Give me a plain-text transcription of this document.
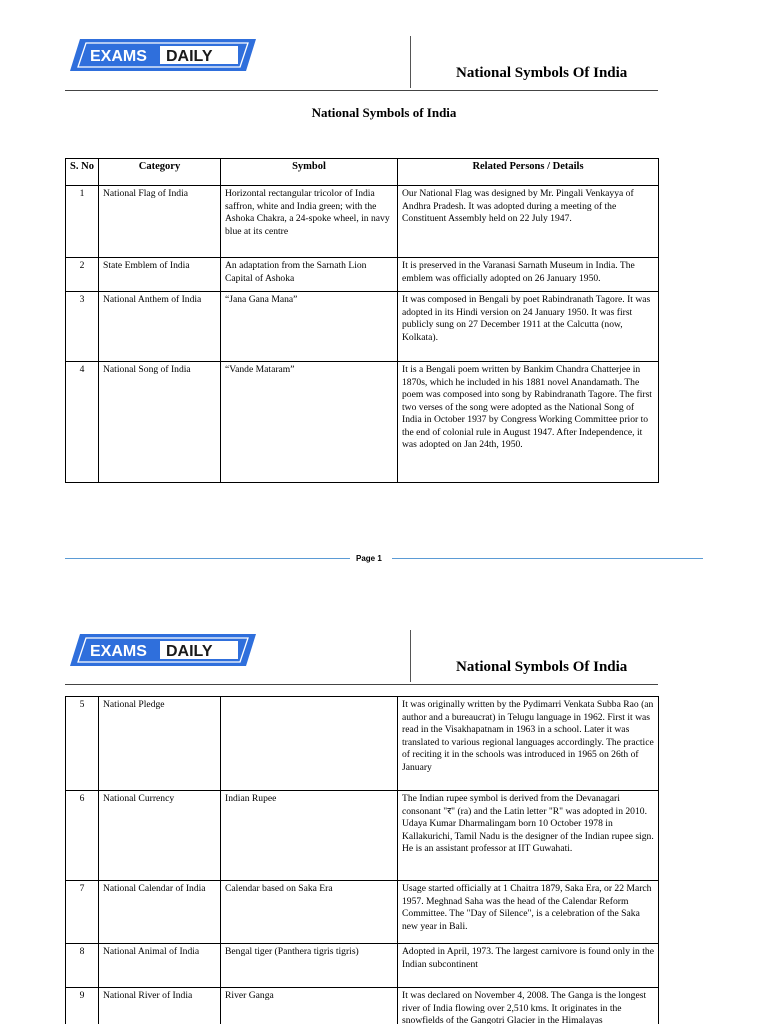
EXAMS DAILY
National Symbols Of India
National Symbols of India
S. No	Category	Symbol	Related Persons / Details
1	National Flag of India	Horizontal rectangular tricolor of India saffron, white and India green; with the Ashoka Chakra, a 24-spoke wheel, in navy blue at its centre	Our National Flag was designed by Mr. Pingali Venkayya of Andhra Pradesh. It was adopted during a meeting of the Constituent Assembly held on 22 July 1947.
2	State Emblem of India	An adaptation from the Sarnath Lion Capital of Ashoka	It is preserved in the Varanasi Sarnath Museum in India. The emblem was officially adopted on 26 January 1950.
3	National Anthem of India	“Jana Gana Mana”	It was composed in Bengali by poet Rabindranath Tagore. It was adopted in its Hindi version on 24 January 1950. It was first publicly sung on 27 December 1911 at the Calcutta (now, Kolkata).
4	National Song of India	“Vande Mataram”	It is a Bengali poem written by Bankim Chandra Chatterjee in 1870s, which he included in his 1881 novel Anandamath. The poem was composed into song by Rabindranath Tagore. The first two verses of the song were adopted as the National Song of India in October 1937 by Congress Working Committee prior to the end of colonial rule in August 1947. After Independence, it was adopted on Jan 24th, 1950.
Page 1
EXAMS DAILY
National Symbols Of India
5	National Pledge		It was originally written by the Pydimarri Venkata Subba Rao (an author and a bureaucrat) in Telugu language in 1962. First it was read in the Visakhapatnam in 1963 in a school. Later it was translated to various regional languages accordingly. The practice of reciting it in the schools was introduced in 1965 on 26th of January
6	National Currency	Indian Rupee	The Indian rupee symbol is derived from the Devanagari consonant "र" (ra) and the Latin letter "R" was adopted in 2010. Udaya Kumar Dharmalingam born 10 October 1978 in Kallakurichi, Tamil Nadu is the designer of the Indian rupee sign. He is an assistant professor at IIT Guwahati.
7	National Calendar of India	Calendar based on Saka Era	Usage started officially at 1 Chaitra 1879, Saka Era, or 22 March 1957. Meghnad Saha was the head of the Calendar Reform Committee. The "Day of Silence", is a celebration of the Saka new year in Bali.
8	National Animal of India	Bengal tiger (Panthera tigris tigris)	Adopted in April, 1973. The largest carnivore is found only in the Indian subcontinent
9	National River of India	River Ganga	It was declared on November 4, 2008. The Ganga is the longest river of India flowing over 2,510 kms. It originates in the snowfields of the Gangotri Glacier in the Himalayas
